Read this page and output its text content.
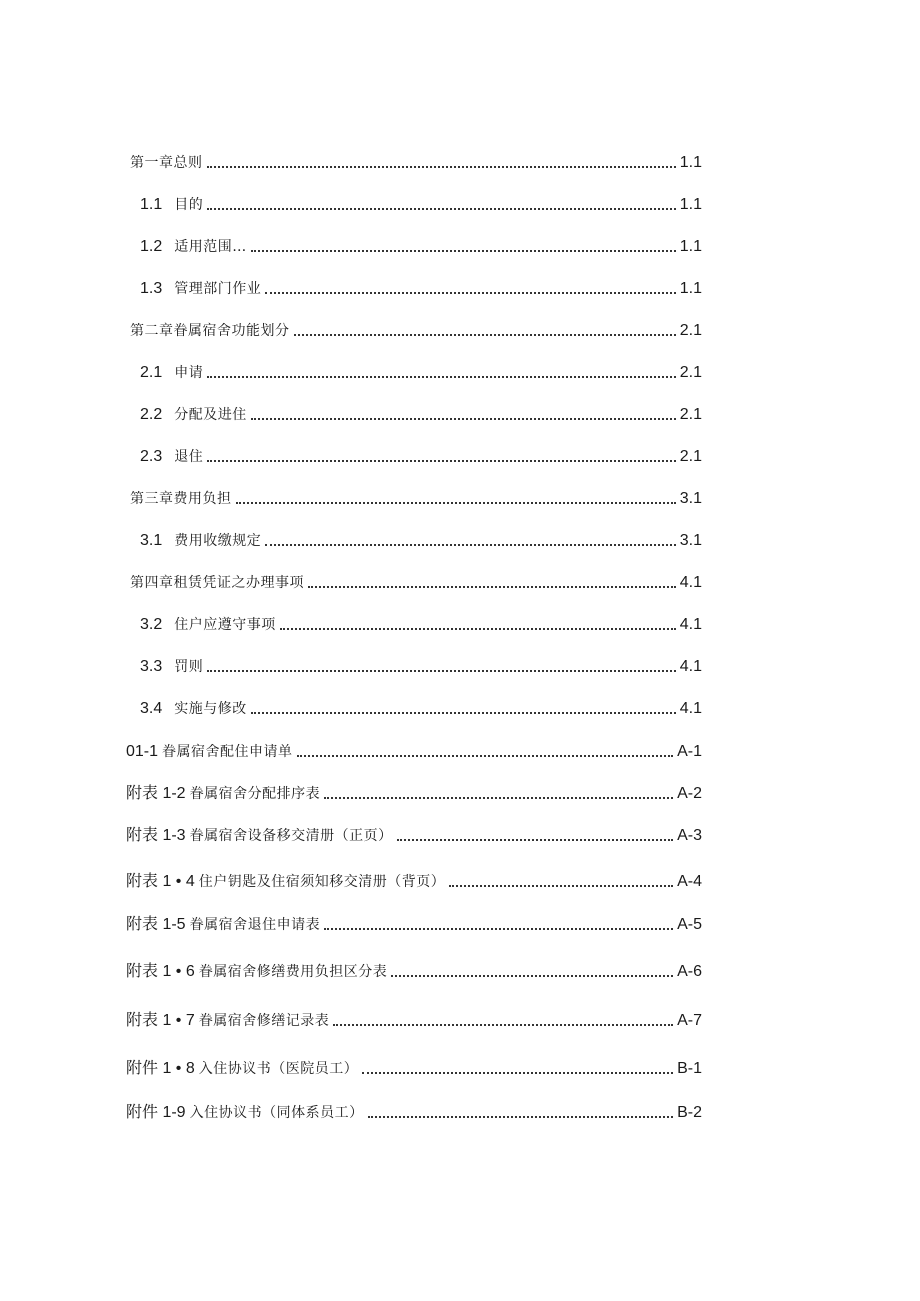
第一章总则	1.1
1.1 目的	1.1
1.2 适用范围…	1.1
1.3 管理部门作业	1.1
第二章眷属宿舍功能划分	2.1
2.1 申请	2.1
2.2 分配及进住	2.1
2.3 退住	2.1
第三章费用负担	3.1
3.1 费用收缴规定	3.1
第四章租赁凭证之办理事项	4.1
3.2 住户应遵守事项	4.1
3.3 罚则	4.1
3.4 实施与修改	4.1
01-1 眷属宿舍配住申请单	A-1
附表 1-2 眷属宿舍分配排序表	A-2
附表 1-3 眷属宿舍设备移交清册（正页）	A-3
附表 1 • 4 住户钥匙及住宿须知移交清册（背页）	A-4
附表 1-5 眷属宿舍退住申请表	A-5
附表 1 • 6 眷属宿舍修缮费用负担区分表	A-6
附表 1 • 7 眷属宿舍修缮记录表	A-7
附件 1 • 8 入住协议书（医院员工）	B-1
附件 1-9 入住协议书（同体系员工）	B-2
